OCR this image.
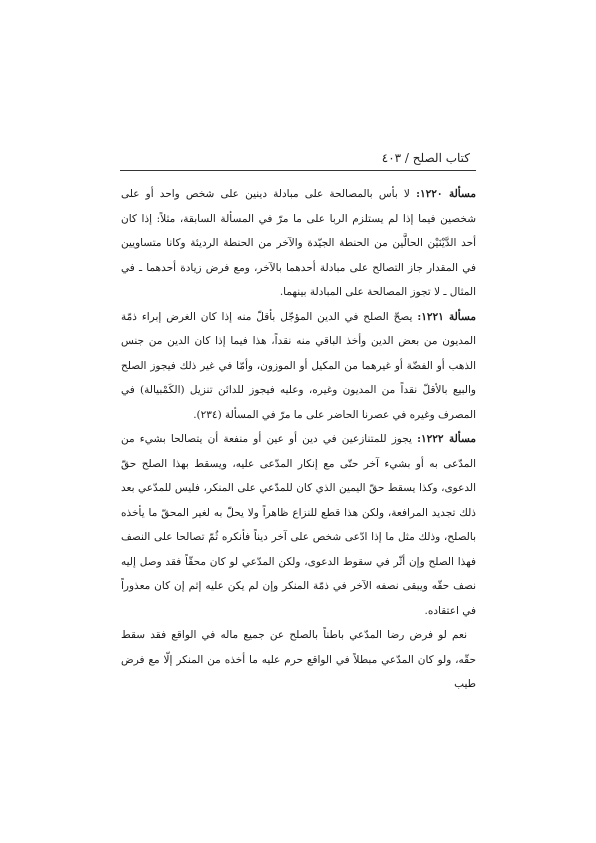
كتاب الصلح / ٤٠٣

مسألة ١٢٢٠: لا بأس بالمصالحة على مبادلة دينين على شخص واحد أو على شخصين فيما إذا لم يستلزم الربا على ما مرّ في المسألة السابقة، مثلاً: إذا كان أحد الدَّيْنَيْن الحالَّين من الحنطة الجيّدة والآخر من الحنطة الرديئة وكانا متساويين في المقدار جاز التصالح على مبادلة أحدهما بالآخر، ومع فرض زيادة أحدهما ـ في المثال ـ لا تجوز المصالحة على المبادلة بينهما.

مسألة ١٢٢١: يصحّ الصلح في الدين المؤجّل بأقلّ منه إذا كان الغرض إبراء ذمّة المديون من بعض الدين وأخذ الباقي منه نقداً، هذا فيما إذا كان الدين من جنس الذهب أو الفضّة أو غيرهما من المكيل أو الموزون، وأمّا في غير ذلك فيجوز الصلح والبيع بالأقلّ نقداً من المديون وغيره، وعليه فيجوز للدائن تنزيل (الكَمْبيالة) في المصرف وغيره في عصرنا الحاضر على ما مرّ في المسألة (٢٣٤).

مسألة ١٢٢٢: يجوز للمتنازعين في دين أو عين أو منفعة أن يتصالحا بشيء من المدّعى به أو بشيء آخر حتّى مع إنكار المدّعى عليه، ويسقط بهذا الصلح حقّ الدعوى، وكذا يسقط حقّ اليمين الذي كان للمدّعي على المنكر، فليس للمدّعي بعد ذلك تجديد المرافعة، ولكن هذا قطع للنزاع ظاهراً ولا يحلّ به لغير المحقّ ما يأخذه بالصلح، وذلك مثل ما إذا ادّعى شخص على آخر ديناً فأنكره ثُمّ تصالحا على النصف فهذا الصلح وإن أثّر في سقوط الدعوى، ولكن المدّعي لو كان محقّاً فقد وصل إليه نصف حقّه ويبقى نصفه الآخر في ذمّة المنكر وإن لم يكن عليه إثم إن كان معذوراً في اعتقاده.

نعم لو فرض رضا المدّعي باطناً بالصلح عن جميع ماله في الواقع فقد سقط حقّه، ولو كان المدّعي مبطلاً في الواقع حرم عليه ما أخذه من المنكر إلّا مع فرض طيب
